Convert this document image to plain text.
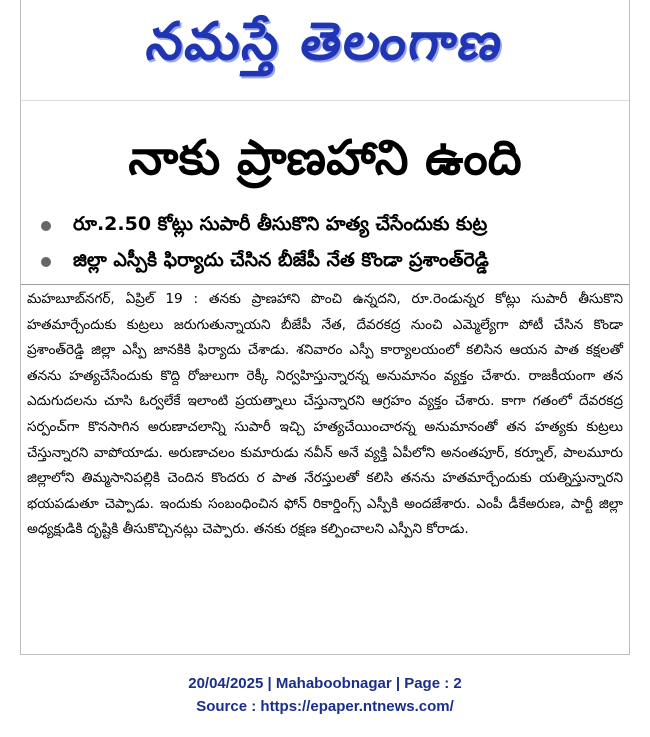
నమస్తే తెలంగాణ
నాకు ప్రాణహాని ఉంది
రూ.2.50 కోట్లు సుపారీ తీసుకొని హత్య చేసేందుకు కుట్ర
జిల్లా ఎస్పీకి ఫిర్యాదు చేసిన బీజేపీ నేత కొండా ప్రశాంత్‌రెడ్డి
మహబూబ్‌నగర్, ఏప్రిల్ 19 : తనకు ప్రాణహాని పొంచి ఉన్నదని, రూ.రెండున్నర కోట్లు సుపారీ తీసుకొని హతమార్చేందుకు కుట్రలు జరుగుతున్నాయని బీజేపీ నేత, దేవరకద్ర నుంచి ఎమ్మెల్యేగా పోటీ చేసిన కొండా ప్రశాంత్‌రెడ్డి జిల్లా ఎస్పీ జానకికి ఫిర్యాదు చేశాడు. శనివారం ఎస్పీ కార్యాలయంలో కలిసిన ఆయన పాత కక్షలతో తనను హత్యచేసేందుకు కొద్ది రోజులుగా రెక్కీ నిర్వహిస్తున్నారన్న అనుమానం వ్యక్తం చేశారు. రాజకీయంగా తన ఎదుగుదలను చూసి ఓర్వలేకే ఇలాంటి ప్రయత్నాలు చేస్తున్నారని ఆగ్రహం వ్యక్తం చేశారు. కాగా గతంలో దేవరకద్ర సర్పంచ్‌గా కొనసాగిన అరుణాచలాన్ని సుపారీ ఇచ్చి హత్యచేయించారన్న అనుమానంతో తన హత్యకు కుట్రలు చేస్తున్నారని వాపోయాడు. అరుణాచలం కుమారుడు నవీన్ అనే వ్యక్తి ఏపీలోని అనంతపూర్, కర్నూల్, పాలమూరు జిల్లాలోని తిమ్మసానిపల్లికి చెందిన కొందరు ర పాత నేరస్తులతో కలిసి తనను హతమార్చేందుకు యత్నిస్తున్నారని భయపడుతూ చెప్పాడు. ఇందుకు సంబంధించిన ఫోన్ రికార్డింగ్స్ ఎస్పీకి అందజేశారు. ఎంపీ డీకేఅరుణ, పార్టీ జిల్లా అధ్యక్షుడికి దృష్టికి తీసుకొచ్చినట్లు చెప్పారు. తనకు రక్షణ కల్పించాలని ఎస్పీని కోరాడు.
20/04/2025 | Mahaboobnagar | Page : 2
Source : https://epaper.ntnews.com/
